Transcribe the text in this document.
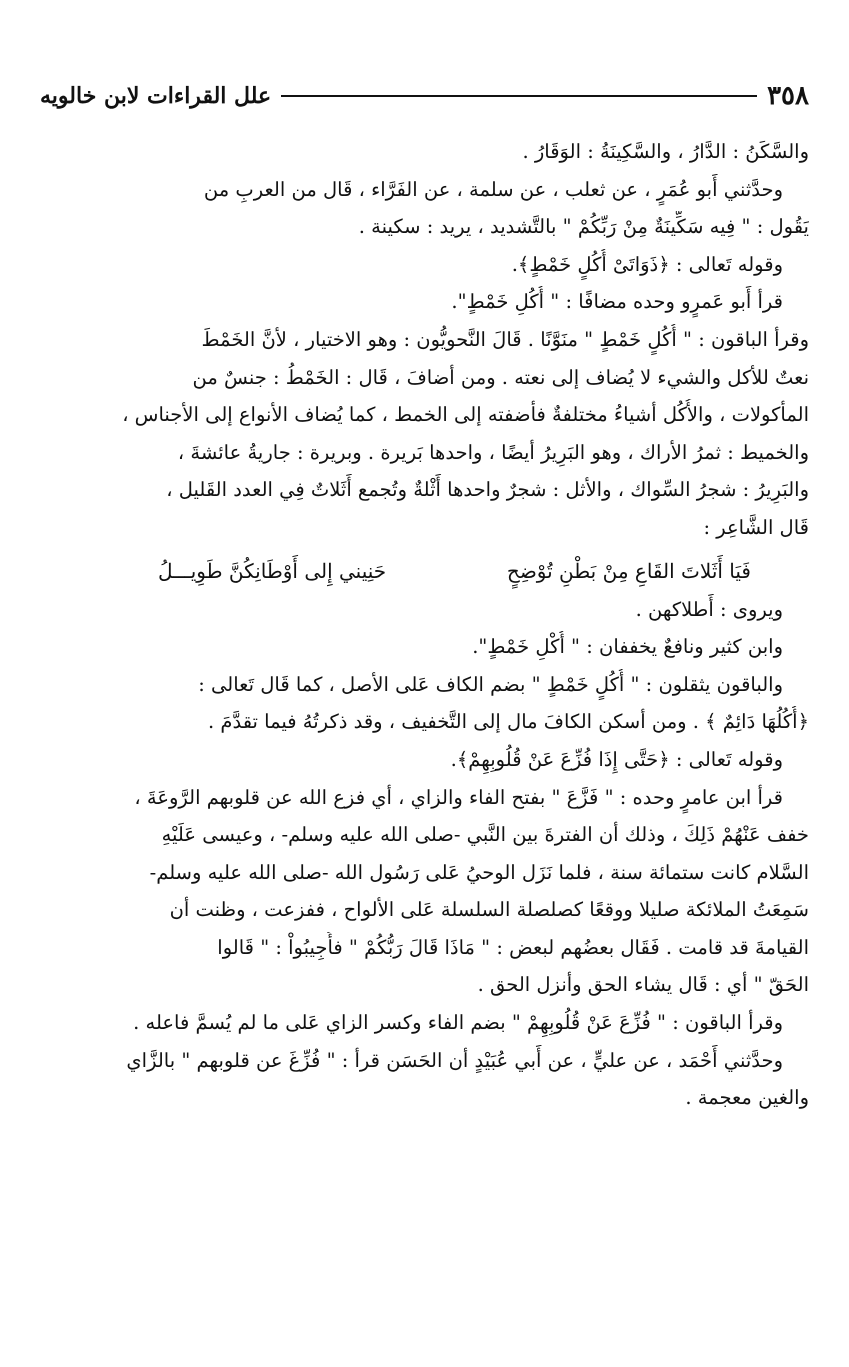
٣٥٨
علل القراءات لابن خالويه
والسَّكَنُ : الدَّارُ ، والسَّكِينَةُ : الوَقَارُ .
وحدَّثني أَبو عُمَرٍ ، عن ثعلب ، عن سلمة ، عن الفَرَّاء ، قَال من العربِ من
يَقُول : " فِيه سَكِّينَةٌ مِنْ رَبِّكُمْ " بالتَّشديد ، يريد : سكينة .
وقوله تَعالى : ﴿ذَوَاتَىْ أُكُلٍ خَمْطٍ﴾.
قرأ أَبو عَمرٍو وحده مضافًا : " أُكُلِ خَمْطٍ".
وقرأ الباقون : " أُكُلٍ خَمْطٍ " منَوَّنًا . قَالَ النَّحويُّون : وهو الاختيار ، لأنَّ الخَمْطَ
نعتٌ للأكل والشيء لا يُضاف إلى نعته . ومن أضافَ ، قَال : الخَمْطُ : جنسٌ من
المأكولات ، والأُكُل أشياءُ مختلفةٌ فأضفته إلى الخمط ، كما يُضاف الأنواع إلى الأجناس ،
والخميط : ثمرُ الأراك ، وهو البَرِيرُ أيضًا ، واحدها بَريرة . وبريرة : جاريةُ عائشةَ ،
والبَرِيرُ : شجرُ السِّواك ، والأثل : شجرٌ واحدها أَثْلةٌ وتُجمع أَثَلاتٌ فِي العدد القَليل ،
قَال الشَّاعِر :
فَيَا أَثَلاتَ القَاعِ مِنْ بَطْنِ تُوْضِحٍ
حَنِيني إِلى أَوْطَانِكُنَّ طَوِيـــلُ
ويروى : أَطلاكهن .
وابن كثير ونافعٌ يخففان : " أُكْلِ خَمْطٍ".
والباقون يثقلون : " أُكُلٍ خَمْطٍ " بضم الكاف عَلى الأصل ، كما قَال تَعالى :
﴿أُكُلُهَا دَائِمٌ ﴾ . ومن أسكن الكافَ مال إلى التَّخفيف ، وقد ذكرتُهُ فيما تقدَّمَ .
وقوله تَعالى : ﴿حَتَّى إِذَا فُزِّعَ عَنْ قُلُوبِهِمْ﴾.
قرأ ابن عامرٍ وحده : " فَزَّعَ " بفتح الفاء والزاي ، أي فزع الله عن قلوبهم الرَّوعَةَ ،
خفف عَنْهُمْ ذَلِكَ ، وذلك أن الفترةَ بين النَّبي -صلى الله عليه وسلم- ، وعيسى عَلَيْهِ
السَّلام كانت ستمائة سنة ، فلما نَزَل الوحيُ عَلى رَسُول الله -صلى الله عليه وسلم-
سَمِعَتُ الملائكة صليلا ووقعًا كصلصلة السلسلة عَلى الألواح ، ففزعت ، وظنت أن
القيامةَ قد قامت . فَقَال بعضُهم لبعض : " مَاذَا قَالَ رَبُّكُمْ " فأُجِيبُواْ : " قَالوا
الحَقّ " أي : قَال يشاء الحق وأنزل الحق .
وقرأ الباقون : " فُزِّعَ عَنْ قُلُوبِهِمْ " بضم الفاء وكسر الزاي عَلى ما لم يُسمَّ فاعله .
وحدَّثني أَحْمَد ، عن عليٍّ ، عن أَبي عُبَيْدٍ أن الحَسَن قرأ : " فُزِّغَ عن قلوبهم " بالزَّاي
والغين معجمة .
